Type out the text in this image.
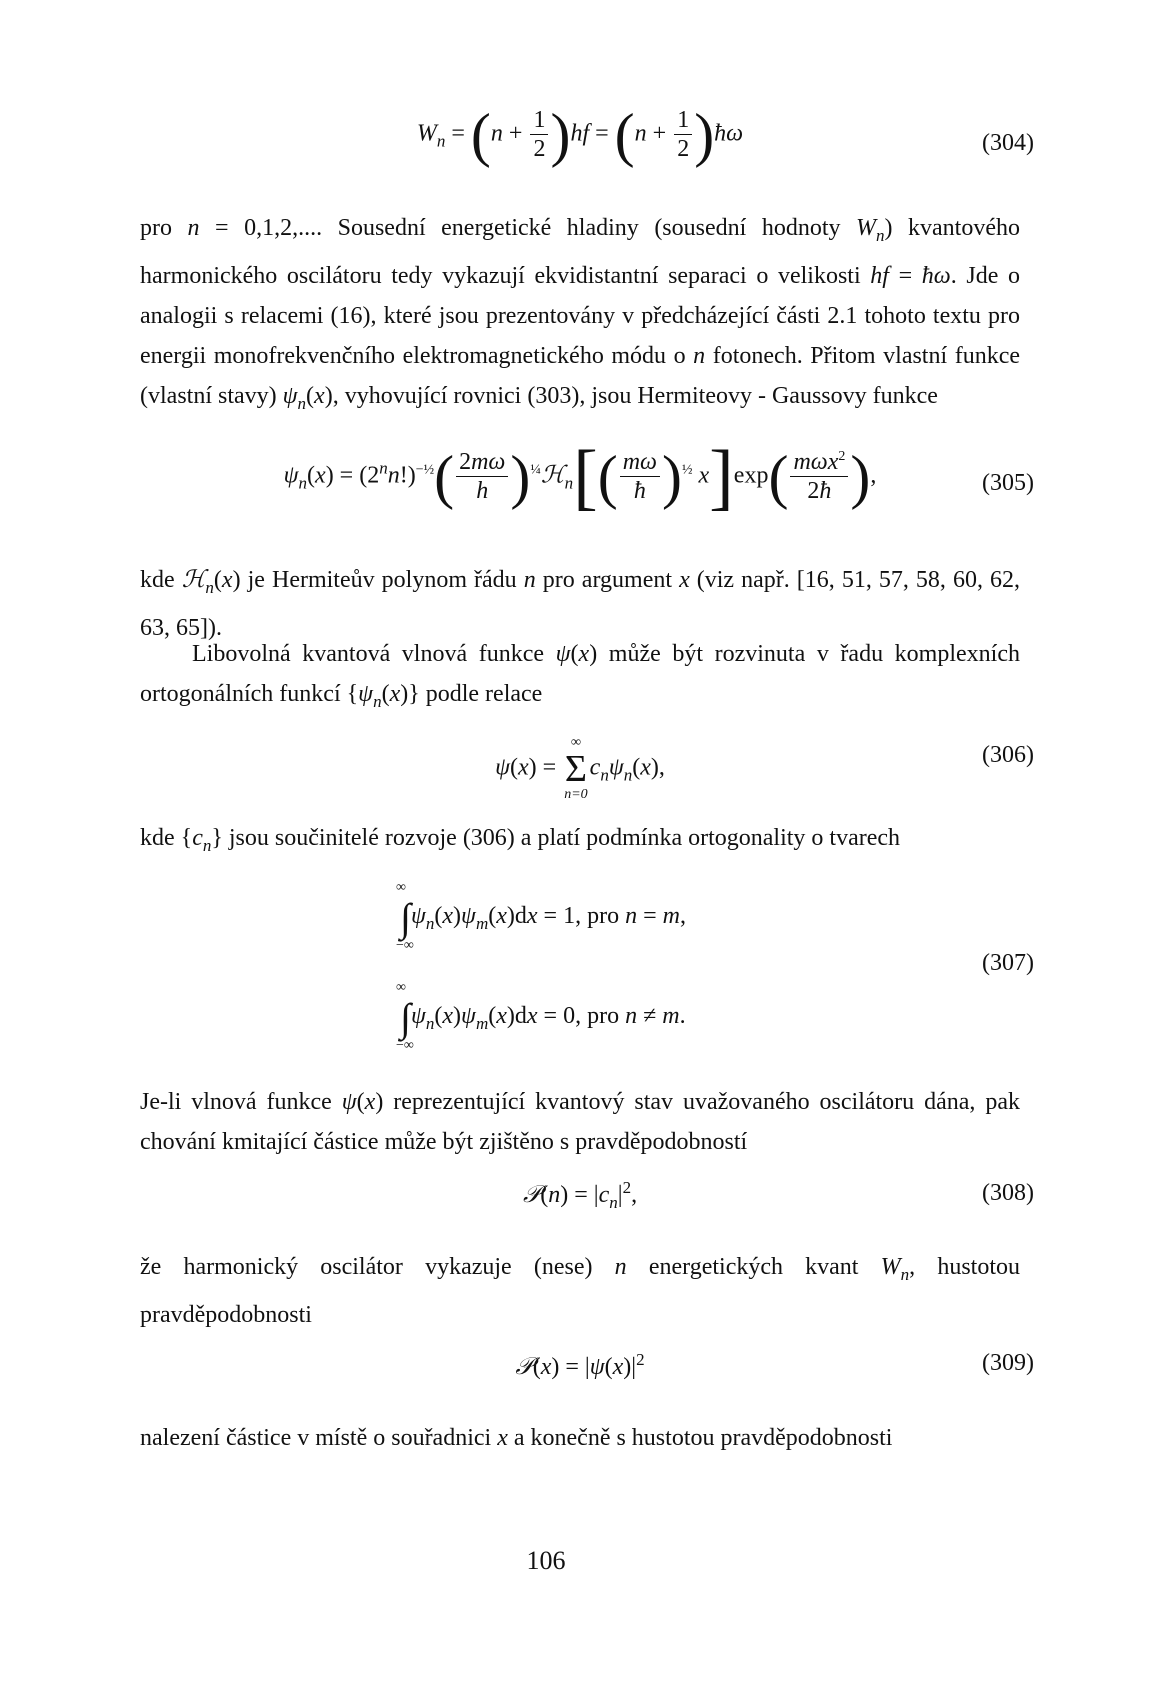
$W_n = (n + \frac{1}{2} )hf = (n + \frac{1}{2}$ )ħω	(304)
pro n = 0,1,2,.... Sousední energetické hladiny (sousední hodnoty $W_n$) kvantového harmonického oscilátoru tedy vykazují ekvidistantní separaci o velikosti hf = ħω. Jde o analogii s relacemi (16), které jsou prezentovány v předcházející části 2.1 tohoto textu pro energii monofrekvenčního elektromagnetického módu o n fotonech. Přitom vlastní funkce (vlastní stavy) $\psi_n(x)$, vyhovující rovnici (303), jsou Hermiteovy - Gaussovy funkce
$\psi_n(x) = (2^nn!)^{-\frac{1}{2}}( \frac{2m\omega}{h}$ )$^{\frac{1}{4}}ℋ_n[( \frac{m\omega}{ħ} )^{\frac{1}{2}}$ $x]\exp( \frac{m\omega x^2}{2ħ}$ ),	(305)
kde ℋ$_n$(x) je Hermiteův polynom řádu n pro argument x (viz např. [16, 51, 57, 58, 60, 62, 63, 65]).
Libovolná kvantová vlnová funkce ψ(x) může být rozvinuta v řadu komplexních ortogonálních funkcí $\{\psi_n(x)\}$ podle relace
ψ(x) =
∞
Σ
n=0
$c_n\psi_n(x)$,	(306)
kde $\{c_n\}$ jsou součinitelé rozvoje (306) a platí podmínka ortogonality o tvarech
∞
$\int\psi_n(x)\psi_m(x)dx = 1$, pro n = m,
−∞
∞
$\int\psi_n(x)\psi_m(x)dx = 0$, pro n ≠ m.
−∞
(307)
Je-li vlnová funkce ψ(x) reprezentující kvantový stav uvažovaného oscilátoru dána, pak chování kmitající částice může být zjištěno s pravděpodobností
𝒫(n) = $|c_n|^2$,	(308)
že harmonický oscilátor vykazuje (nese) n energetických kvant $W_n$, hustotou pravděpodobnosti
𝒫(x) = $|\psi(x)|^2$	(309)
nalezení částice v místě o souřadnici x a konečně s hustotou pravděpodobnosti
106
